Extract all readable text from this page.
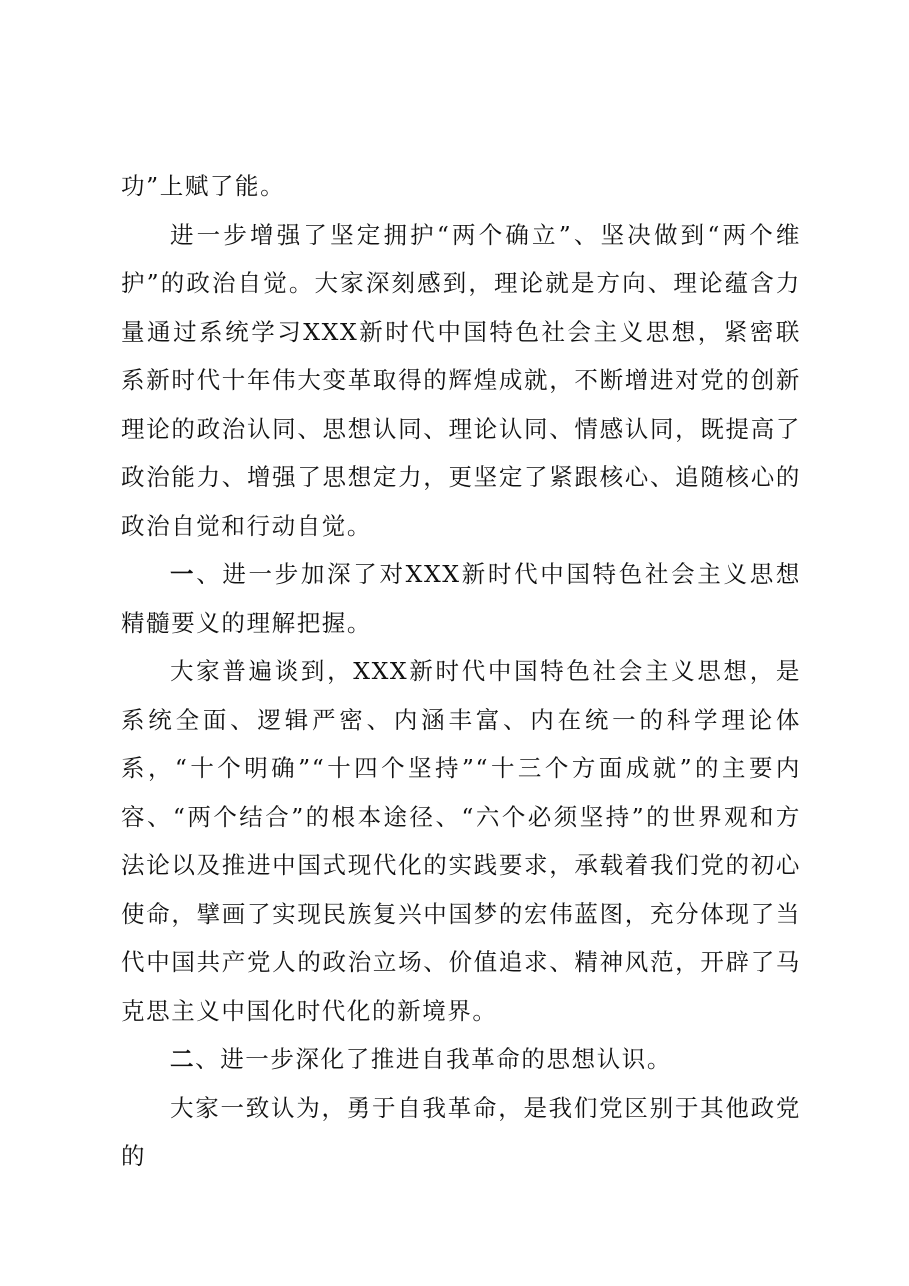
功”上赋了能。

进一步增强了坚定拥护“两个确立”、坚决做到“两个维护”的政治自觉。大家深刻感到，理论就是方向、理论蕴含力量通过系统学习XXX新时代中国特色社会主义思想，紧密联系新时代十年伟大变革取得的辉煌成就，不断增进对党的创新理论的政治认同、思想认同、理论认同、情感认同，既提高了政治能力、增强了思想定力，更坚定了紧跟核心、追随核心的政治自觉和行动自觉。

一、进一步加深了对XXX新时代中国特色社会主义思想精髓要义的理解把握。

大家普遍谈到，XXX新时代中国特色社会主义思想，是系统全面、逻辑严密、内涵丰富、内在统一的科学理论体系，“十个明确”“十四个坚持”“十三个方面成就”的主要内容、“两个结合”的根本途径、“六个必须坚持”的世界观和方法论以及推进中国式现代化的实践要求，承载着我们党的初心使命，擘画了实现民族复兴中国梦的宏伟蓝图，充分体现了当代中国共产党人的政治立场、价值追求、精神风范，开辟了马克思主义中国化时代化的新境界。

二、进一步深化了推进自我革命的思想认识。

大家一致认为，勇于自我革命，是我们党区别于其他政党的
